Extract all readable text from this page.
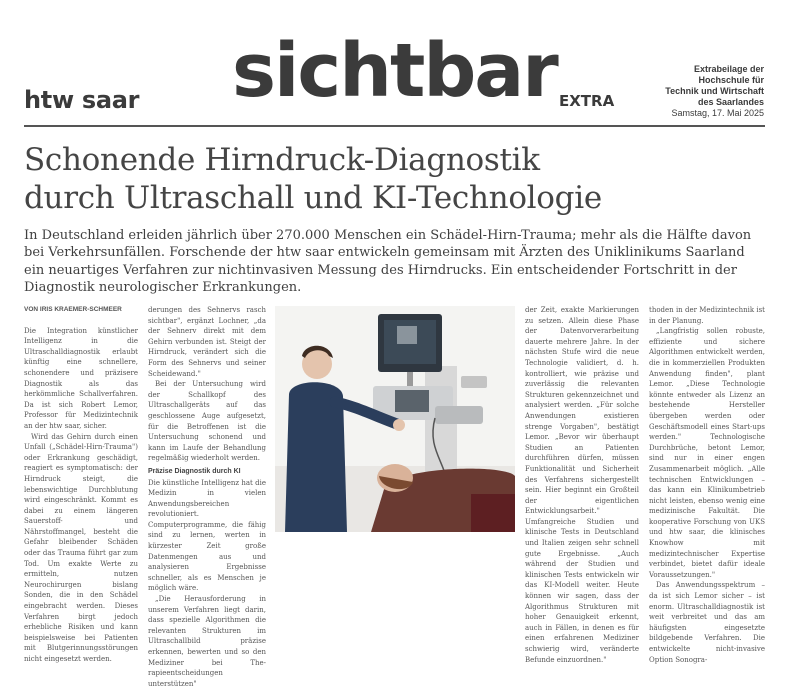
htw saar sichtbar EXTRA
Extrabeilage der
Hochschule für
Technik und Wirtschaft
des Saarlandes
Samstag, 17. Mai 2025
Schonende Hirndruck-Diagnostik
durch Ultraschall und KI-Technologie
In Deutschland erleiden jährlich über 270.000 Menschen ein Schädel-Hirn-Trauma; mehr als die Hälfte davon bei Verkehrsunfällen. Forschende der htw saar entwickeln gemeinsam mit Ärzten des Uniklinikums Saarland ein neuartiges Verfahren zur nichtinvasiven Messung des Hirndrucks. Ein entscheidender Fortschritt in der Diagnostik neurologischer Erkrankungen.

VON IRIS KRAEMER-SCHMEER

Die Integration künstlicher Intelligenz in die Ultraschalldiagnostik erlaubt künftig eine schnellere, schonendere und präzisere Diagnostik als das herkömmliche Schallverfahren. Da ist sich Robert Lemor, Professor für Medizintechnik an der htw saar, sicher.

Wird das Gehirn durch einen Unfall („Schädel-Hirn-Trauma") oder Erkrankung geschädigt, reagiert es symptomatisch: der Hirndruck steigt, die lebenswichtige Durchblutung wird eingeschränkt. Kommt es dabei zu einem längeren Sauerstoff- und Nährstoffmangel, besteht die Gefahr bleibender Schäden oder das Trauma führt gar zum Tod. Um exakte Werte zu ermitteln, nutzen Neurochirurgen bislang Sonden, die in den Schädel eingebracht werden. Dieses Verfahren birgt jedoch erhebliche Risiken und kann beispielsweise bei Patienten mit Blutgerinnungsstörungen nicht eingesetzt werden.

derungen des Sehnervs rasch sichtbar", ergänzt Lochner, „da der Sehnerv direkt mit dem Gehirn verbunden ist. Steigt der Hirndruck, verändert sich die Form des Sehnervs und seiner Scheidewand."

Bei der Untersuchung wird der Schallkopf des Ultraschallgeräts auf das geschlossene Auge aufgesetzt, für die Betroffenen ist die Untersuchung schonend und kann im Laufe der Behandlung regelmäßig wiederholt werden.

Präzise Diagnostik durch KI

Die künstliche Intelligenz hat die Medizin in vielen Anwendungsbereichen revolutioniert. Computerprogramme, die fähig sind zu lernen, werten in kürzester Zeit große Datenmengen aus und analysieren Ergebnisse schneller, als es Menschen je möglich wäre.

„Die Herausforderung in unserem Verfahren liegt darin, dass spezielle Algorithmen die relevanten Strukturen im Ultraschallbild präzise erkennen, bewerten und so den Mediziner bei The- rapieentscheidungen unterstützen"

der Zeit, exakte Markierungen zu setzen. Allein diese Phase der Datenvorverarbeitung dauerte mehrere Jahre. In der nächsten Stufe wird die neue Technologie validiert, d. h. kontrolliert, wie präzise und zuverlässig die relevanten Strukturen gekennzeichnet und analysiert werden. „Für solche Anwendungen existieren strenge Vorgaben", bestätigt Lemor. „Bevor wir überhaupt Studien an Patienten durchführen dürfen, müssen Funktionalität und Sicherheit des Verfahrens sichergestellt sein. Hier beginnt ein Großteil der eigentlichen Entwicklungsarbeit." Umfangreiche Studien und klinische Tests in Deutschland und Italien zeigen sehr schnell gute Ergebnisse. „Auch während der Studien und klinischen Tests entwickeln wir das KI-Modell weiter. Heute können wir sagen, dass der Algorithmus Strukturen mit hoher Genauigkeit erkennt, auch in Fällen, in denen es für einen erfahrenen Mediziner schwierig wird, veränderte Befunde einzuordnen."

thoden in der Medizintechnik ist in der Planung.

„Langfristig sollen robuste, effiziente und sichere Algorithmen entwickelt werden, die in kommerziellen Produkten Anwendung finden", plant Lemor. „Diese Technologie könnte entweder als Lizenz an bestehende Hersteller übergeben werden oder Geschäftsmodell eines Start-ups werden." Technologische Durchbrüche, betont Lemor, sind nur in einer engen Zusammenarbeit möglich. „Alle technischen Entwicklungen – das kann ein Klinikumbetrieb nicht leisten, ebenso wenig eine medizinische Fakultät. Die kooperative Forschung von UKS und htw saar, die klinisches Knowhow mit medizintechnischer Expertise verbindet, bietet dafür ideale Voraussetzungen."

Das Anwendungsspektrum – da ist sich Lemor sicher – ist enorm. Ultraschalldiagnostik ist weit verbreitet und das am häufigsten eingesetzte bildgebende Verfahren. Die entwickelte nicht-invasive Option Sonogra-
